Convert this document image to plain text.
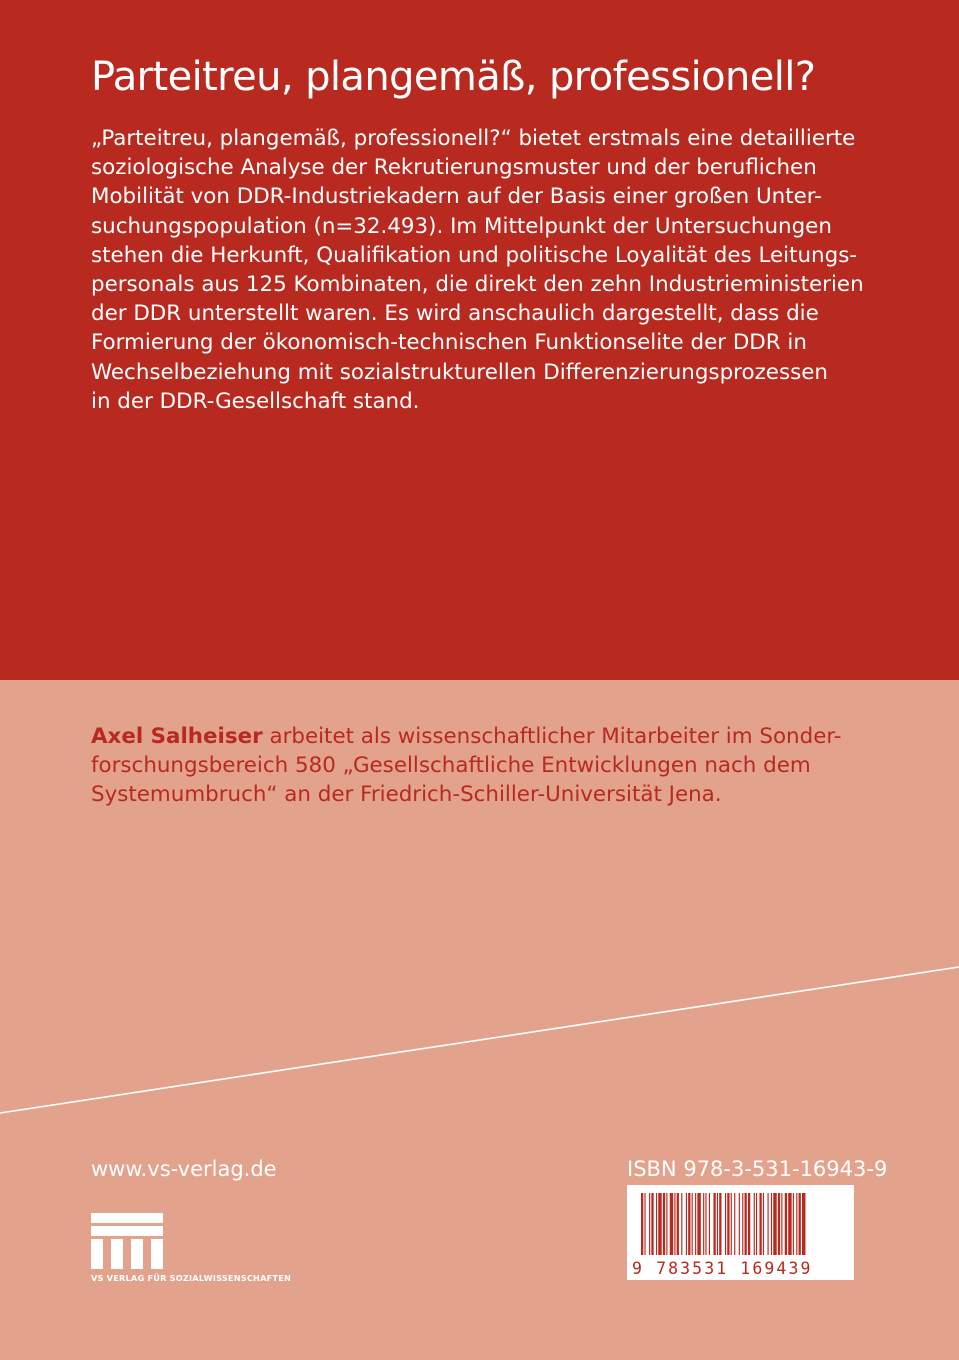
Parteitreu, plangemäß, professionell?
„Parteitreu, plangemäß, professionell?“ bietet erstmals eine detaillierte
soziologische Analyse der Rekrutierungsmuster und der beruflichen
Mobilität von DDR-Industriekadern auf der Basis einer großen Unter-
suchungspopulation (n=32.493). Im Mittelpunkt der Untersuchungen
stehen die Herkunft, Qualifikation und politische Loyalität des Leitungs-
personals aus 125 Kombinaten, die direkt den zehn Industrieministerien
der DDR unterstellt waren. Es wird anschaulich dargestellt, dass die
Formierung der ökonomisch-technischen Funktionselite der DDR in
Wechselbeziehung mit sozialstrukturellen Differenzierungsprozessen
in der DDR-Gesellschaft stand.
Axel Salheiser arbeitet als wissenschaftlicher Mitarbeiter im Sonder-
forschungsbereich 580 „Gesellschaftliche Entwicklungen nach dem
Systemumbruch“ an der Friedrich-Schiller-Universität Jena.
www.vs-verlag.de
VS VERLAG FÜR SOZIALWISSENSCHAFTEN
ISBN 978-3-531-16943-9
9 783531 169439
